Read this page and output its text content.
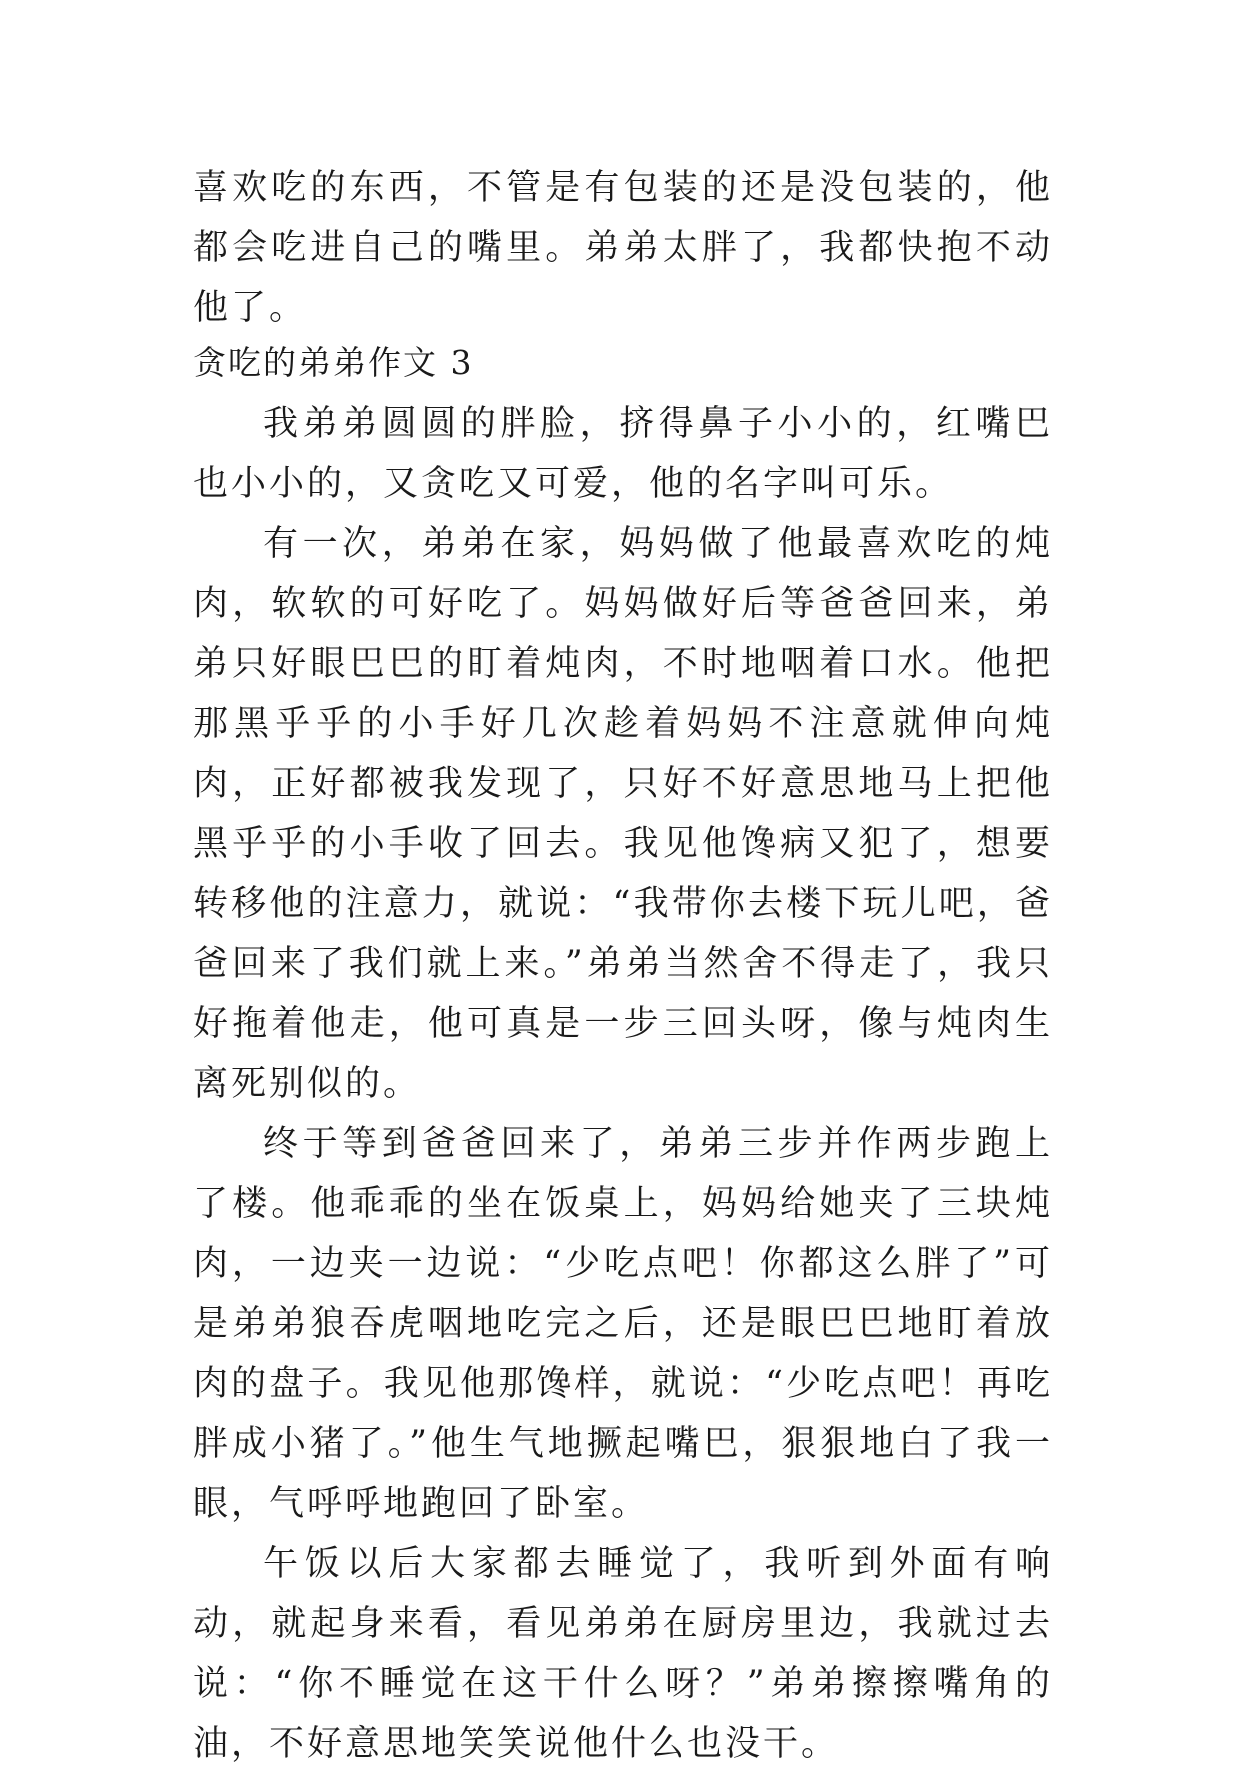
喜欢吃的东西，不管是有包装的还是没包装的，他都会吃进自己的嘴里。弟弟太胖了，我都快抱不动他了。

贪吃的弟弟作文 3

我弟弟圆圆的胖脸，挤得鼻子小小的，红嘴巴也小小的，又贪吃又可爱，他的名字叫可乐。

有一次，弟弟在家，妈妈做了他最喜欢吃的炖肉，软软的可好吃了。妈妈做好后等爸爸回来，弟弟只好眼巴巴的盯着炖肉，不时地咽着口水。他把那黑乎乎的小手好几次趁着妈妈不注意就伸向炖肉，正好都被我发现了，只好不好意思地马上把他黑乎乎的小手收了回去。我见他馋病又犯了，想要转移他的注意力，就说：“我带你去楼下玩儿吧，爸爸回来了我们就上来。”弟弟当然舍不得走了，我只好拖着他走，他可真是一步三回头呀，像与炖肉生离死别似的。

终于等到爸爸回来了，弟弟三步并作两步跑上了楼。他乖乖的坐在饭桌上，妈妈给她夹了三块炖肉，一边夹一边说：“少吃点吧！你都这么胖了”可是弟弟狼吞虎咽地吃完之后，还是眼巴巴地盯着放肉的盘子。我见他那馋样，就说：“少吃点吧！再吃胖成小猪了。”他生气地撅起嘴巴，狠狠地白了我一眼，气呼呼地跑回了卧室。

午饭以后大家都去睡觉了，我听到外面有响动，就起身来看，看见弟弟在厨房里边，我就过去说：“你不睡觉在这干什么呀？”弟弟擦擦嘴角的油，不好意思地笑笑说他什么也没干。
